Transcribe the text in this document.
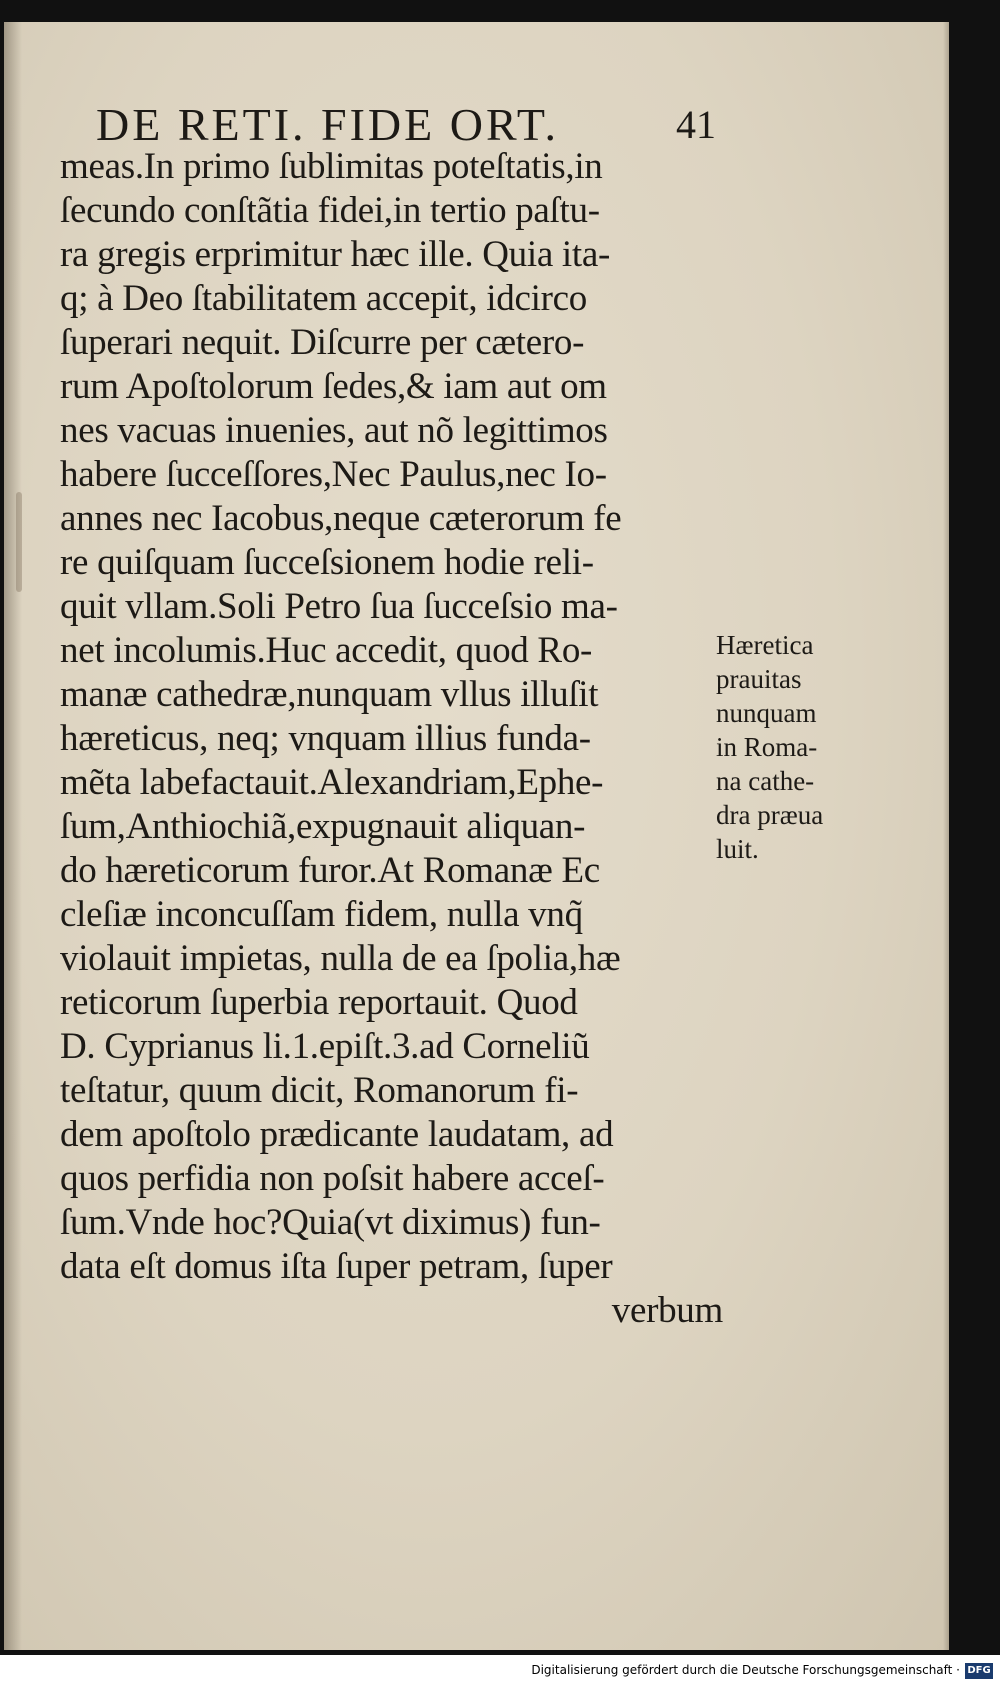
DE RETI. FIDE ORT.	41
meas.In primo ſublimitas poteſtatis,in
ſecundo conſtãtia fidei,in tertio paſtu-
ra gregis erprimitur hæc ille. Quia ita-
q; à Deo ſtabilitatem accepit, idcirco
ſuperari nequit. Diſcurre per cætero-
rum Apoſtolorum ſedes,& iam aut om
nes vacuas inuenies, aut nõ legittimos
habere ſucceſſores,Nec Paulus,nec Io-
annes nec Iacobus,neque cæterorum fe
re quiſquam ſucceſsionem hodie reli-
quit vllam.Soli Petro ſua ſucceſsio ma-
net incolumis.Huc accedit, quod Ro-
manæ cathedræ,nunquam vllus illuſit
hæreticus, neq; vnquam illius funda-
mẽta labefactauit.Alexandriam,Ephe-
ſum,Anthiochiã,expugnauit aliquan-
do hæreticorum furor.At Romanæ Ec
cleſiæ inconcuſſam fidem, nulla vnq̃
violauit impietas, nulla de ea ſpolia,hæ
reticorum ſuperbia reportauit. Quod
D. Cyprianus li.1.epiſt.3.ad Corneliũ
teſtatur, quum dicit, Romanorum fi-
dem apoſtolo prædicante laudatam, ad
quos perfidia non poſsit habere acceſ-
ſum.Vnde hoc?Quia(vt diximus) fun-
data eſt domus iſta ſuper petram, ſuper
verbum
Hæretica
prauitas
nunquam
in Roma-
na cathe-
dra præua
luit.
Digitalisierung gefördert durch die Deutsche Forschungsgemeinschaft · DFG
